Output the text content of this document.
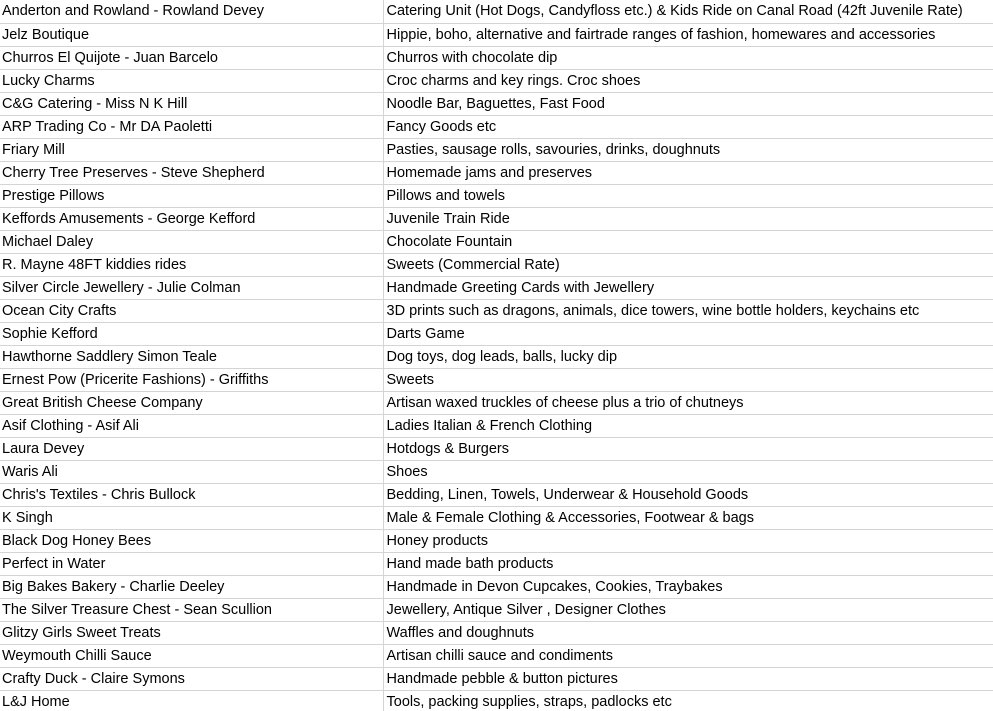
Anderton and Rowland - Rowland Devey	Catering Unit (Hot Dogs, Candyfloss etc.) & Kids Ride on Canal Road (42ft Juvenile Rate)
Jelz Boutique	Hippie, boho, alternative and fairtrade ranges of fashion, homewares and accessories
Churros El Quijote - Juan Barcelo	Churros with chocolate dip
Lucky Charms	Croc charms and key rings. Croc shoes
C&G Catering - Miss N K Hill	Noodle Bar, Baguettes, Fast Food
ARP Trading Co - Mr DA Paoletti	Fancy Goods etc
Friary Mill	Pasties, sausage rolls, savouries, drinks, doughnuts
Cherry Tree Preserves - Steve Shepherd	Homemade jams and preserves
Prestige Pillows	Pillows and towels
Keffords Amusements - George Kefford	Juvenile Train Ride
Michael Daley	Chocolate Fountain
R. Mayne 48FT kiddies rides	Sweets (Commercial Rate)
Silver Circle Jewellery - Julie Colman	Handmade Greeting Cards with Jewellery
Ocean City Crafts	3D prints such as dragons, animals, dice towers, wine bottle holders, keychains etc
Sophie Kefford	Darts Game
Hawthorne Saddlery Simon Teale	Dog toys, dog leads, balls, lucky dip
Ernest Pow (Pricerite Fashions) - Griffiths	Sweets
Great British Cheese Company	Artisan waxed truckles of cheese plus a trio of chutneys
Asif Clothing - Asif Ali	Ladies Italian & French Clothing
Laura Devey	Hotdogs & Burgers
Waris Ali	Shoes
Chris's Textiles - Chris Bullock	Bedding, Linen, Towels, Underwear & Household Goods
K Singh	Male & Female Clothing & Accessories, Footwear & bags
Black Dog Honey Bees	Honey products
Perfect in Water	Hand made bath products
Big Bakes Bakery - Charlie Deeley	Handmade in Devon Cupcakes, Cookies, Traybakes
The Silver Treasure Chest - Sean Scullion	Jewellery, Antique Silver , Designer Clothes
Glitzy Girls Sweet Treats	Waffles and doughnuts
Weymouth Chilli Sauce	Artisan chilli sauce and condiments
Crafty Duck - Claire Symons	Handmade pebble & button pictures
L&J Home	Tools, packing supplies, straps, padlocks etc
